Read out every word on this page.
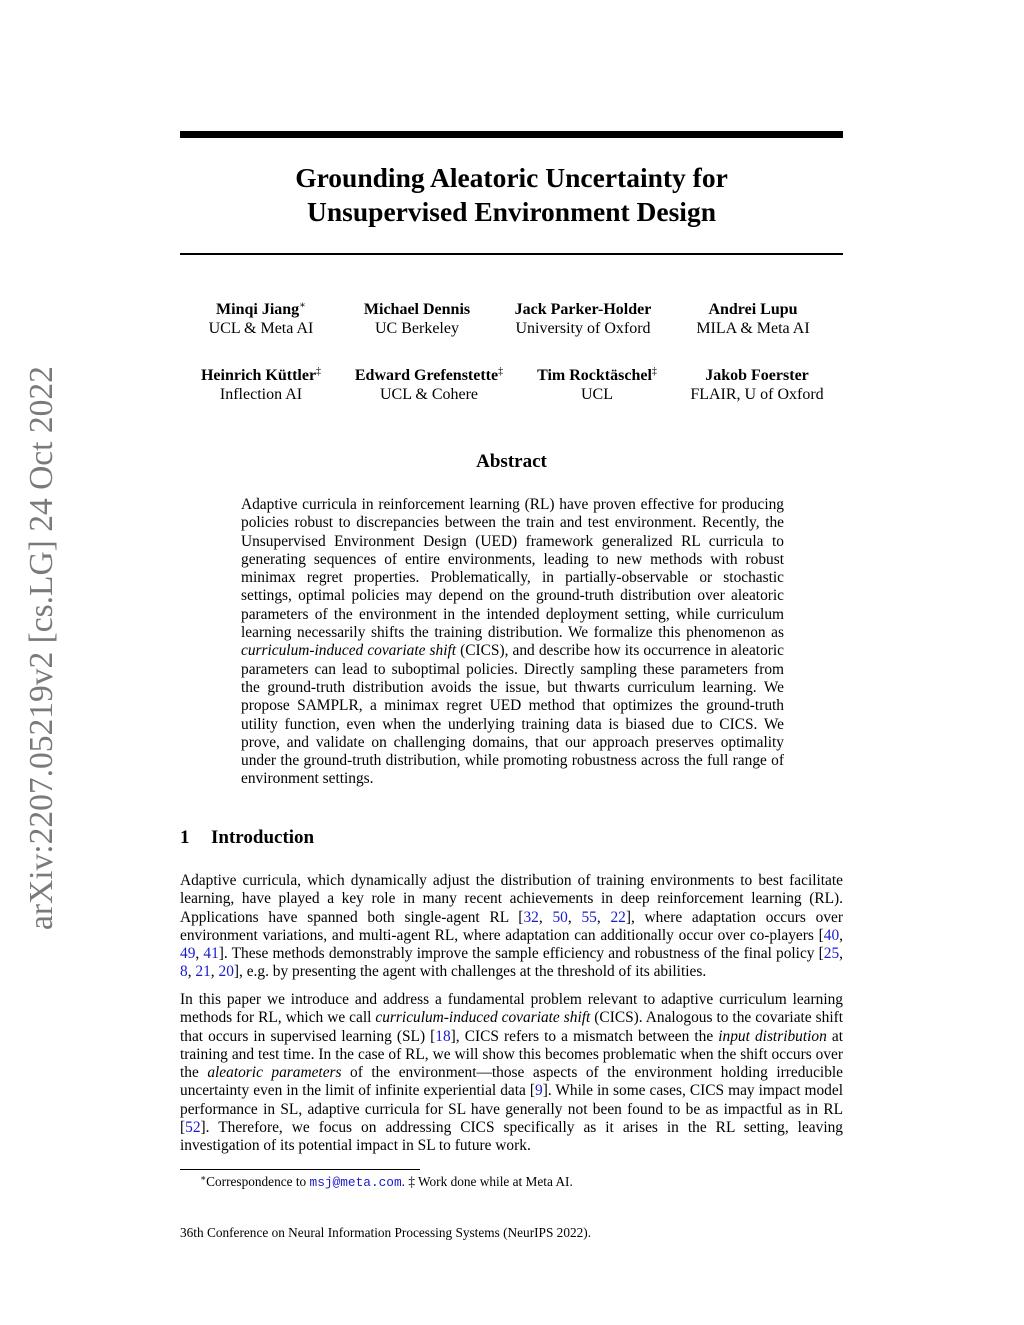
arXiv:2207.05219v2 [cs.LG] 24 Oct 2022
Grounding Aleatoric Uncertainty for
Unsupervised Environment Design
Minqi Jiang∗
UCL & Meta AI
Michael Dennis
UC Berkeley
Jack Parker-Holder
University of Oxford
Andrei Lupu
MILA & Meta AI
Heinrich Küttler‡
Inflection AI
Edward Grefenstette‡
UCL & Cohere
Tim Rocktäschel‡
UCL
Jakob Foerster
FLAIR, U of Oxford
Abstract
Adaptive curricula in reinforcement learning (RL) have proven effective for producing policies robust to discrepancies between the train and test environment. Recently, the Unsupervised Environment Design (UED) framework generalized RL curricula to generating sequences of entire environments, leading to new methods with robust minimax regret properties. Problematically, in partially-observable or stochastic settings, optimal policies may depend on the ground-truth distribution over aleatoric parameters of the environment in the intended deployment setting, while curriculum learning necessarily shifts the training distribution. We formalize this phenomenon as curriculum-induced covariate shift (CICS), and describe how its occurrence in aleatoric parameters can lead to suboptimal policies. Directly sampling these parameters from the ground-truth distribution avoids the issue, but thwarts curriculum learning. We propose SAMPLR, a minimax regret UED method that optimizes the ground-truth utility function, even when the underlying training data is biased due to CICS. We prove, and validate on challenging domains, that our approach preserves optimality under the ground-truth distribution, while promoting robustness across the full range of environment settings.
1 Introduction

Adaptive curricula, which dynamically adjust the distribution of training environments to best facilitate learning, have played a key role in many recent achievements in deep reinforcement learning (RL). Applications have spanned both single-agent RL [32, 50, 55, 22], where adaptation occurs over environment variations, and multi-agent RL, where adaptation can additionally occur over co-players [40, 49, 41]. These methods demonstrably improve the sample efficiency and robustness of the final policy [25, 8, 21, 20], e.g. by presenting the agent with challenges at the threshold of its abilities.

In this paper we introduce and address a fundamental problem relevant to adaptive curriculum learning methods for RL, which we call curriculum-induced covariate shift (CICS). Analogous to the covariate shift that occurs in supervised learning (SL) [18], CICS refers to a mismatch between the input distribution at training and test time. In the case of RL, we will show this becomes problematic when the shift occurs over the aleatoric parameters of the environment—those aspects of the environment holding irreducible uncertainty even in the limit of infinite experiential data [9]. While in some cases, CICS may impact model performance in SL, adaptive curricula for SL have generally not been found to be as impactful as in RL [52]. Therefore, we focus on addressing CICS specifically as it arises in the RL setting, leaving investigation of its potential impact in SL to future work.

∗Correspondence to msj@meta.com. ‡ Work done while at Meta AI.
36th Conference on Neural Information Processing Systems (NeurIPS 2022).
